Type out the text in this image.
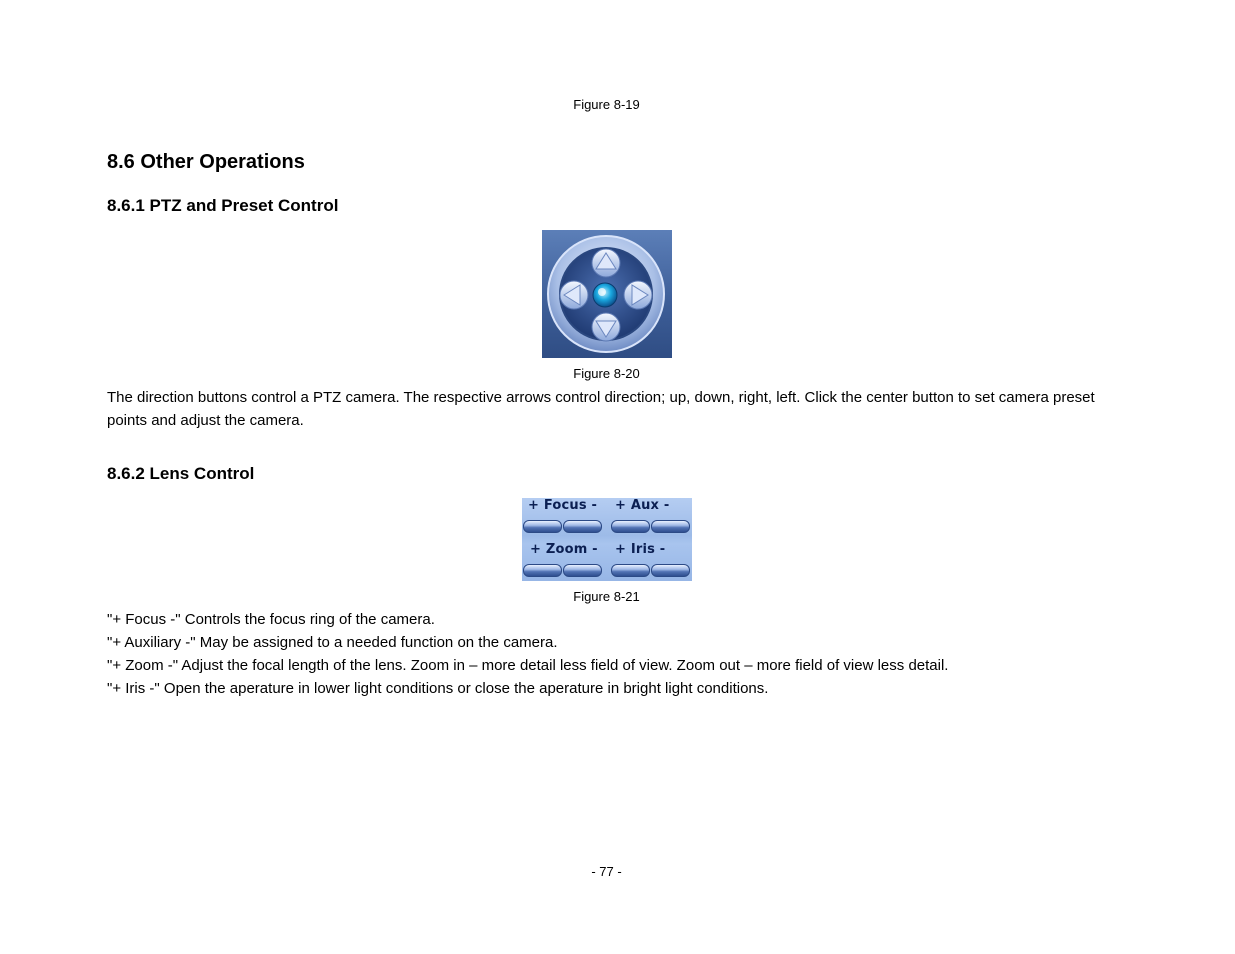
Figure 8-19
8.6 Other Operations
8.6.1 PTZ and Preset Control
Figure 8-20
The direction buttons control a PTZ camera. The respective arrows control direction; up, down, right, left. Click the center button to set camera preset points and adjust the camera.
8.6.2 Lens Control
+ Focus - + Aux -
+ Zoom - + Iris -
Figure 8-21
"+ Focus -" Controls the focus ring of the camera.
"+ Auxiliary -" May be assigned to a needed function on the camera.
"+ Zoom -" Adjust the focal length of the lens. Zoom in – more detail less field of view. Zoom out – more field of view less detail.
"+ Iris -" Open the aperature in lower light conditions or close the aperature in bright light conditions.
- 77 -
